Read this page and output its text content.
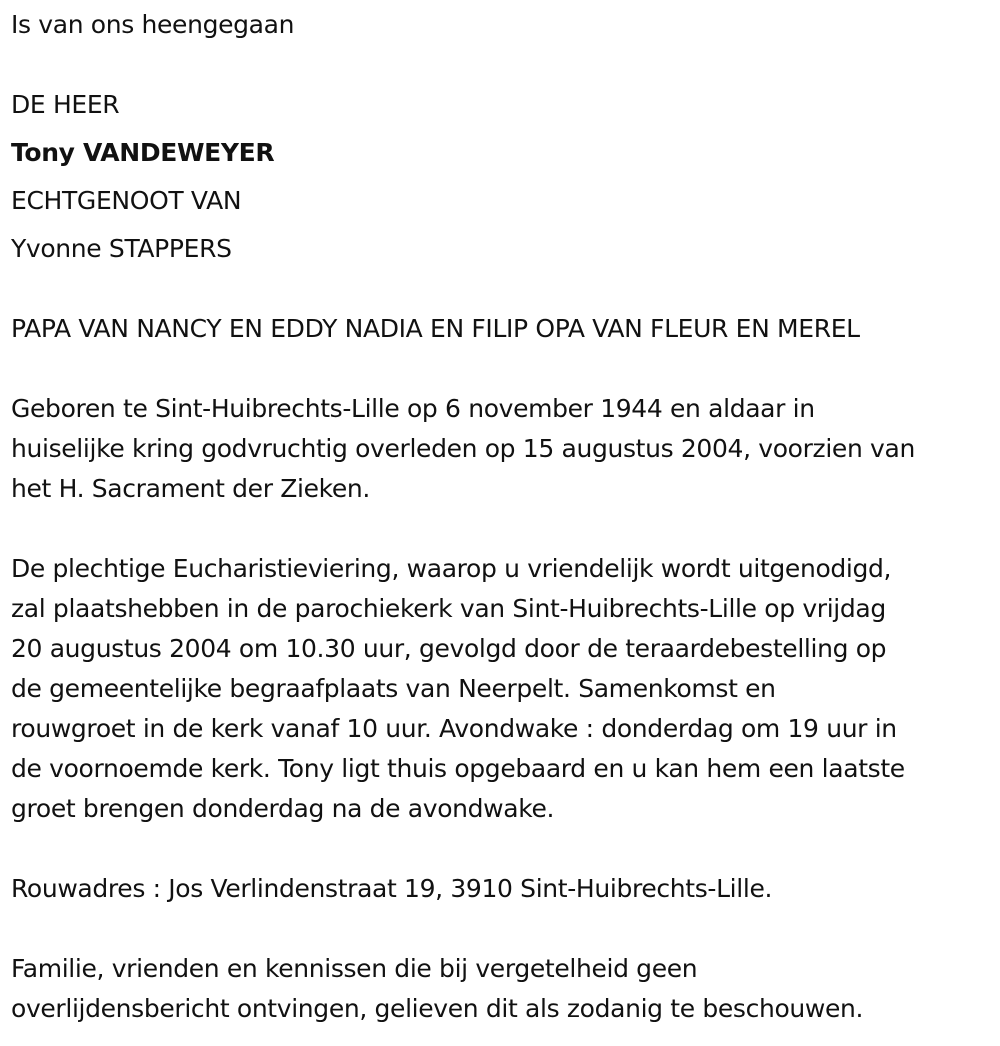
Is van ons heengegaan
DE HEER
Tony VANDEWEYER
ECHTGENOOT VAN
Yvonne STAPPERS
PAPA VAN NANCY EN EDDY NADIA EN FILIP OPA VAN FLEUR EN MEREL
Geboren te Sint-Huibrechts-Lille op 6 november 1944 en aldaar in
huiselijke kring godvruchtig overleden op 15 augustus 2004, voorzien van
het H. Sacrament der Zieken.
De plechtige Eucharistieviering, waarop u vriendelijk wordt uitgenodigd,
zal plaatshebben in de parochiekerk van Sint-Huibrechts-Lille op vrijdag
20 augustus 2004 om 10.30 uur, gevolgd door de teraardebestelling op
de gemeentelijke begraafplaats van Neerpelt. Samenkomst en
rouwgroet in de kerk vanaf 10 uur. Avondwake : donderdag om 19 uur in
de voornoemde kerk. Tony ligt thuis opgebaard en u kan hem een laatste
groet brengen donderdag na de avondwake.
Rouwadres : Jos Verlindenstraat 19, 3910 Sint-Huibrechts-Lille.
Familie, vrienden en kennissen die bij vergetelheid geen
overlijdensbericht ontvingen, gelieven dit als zodanig te beschouwen.
